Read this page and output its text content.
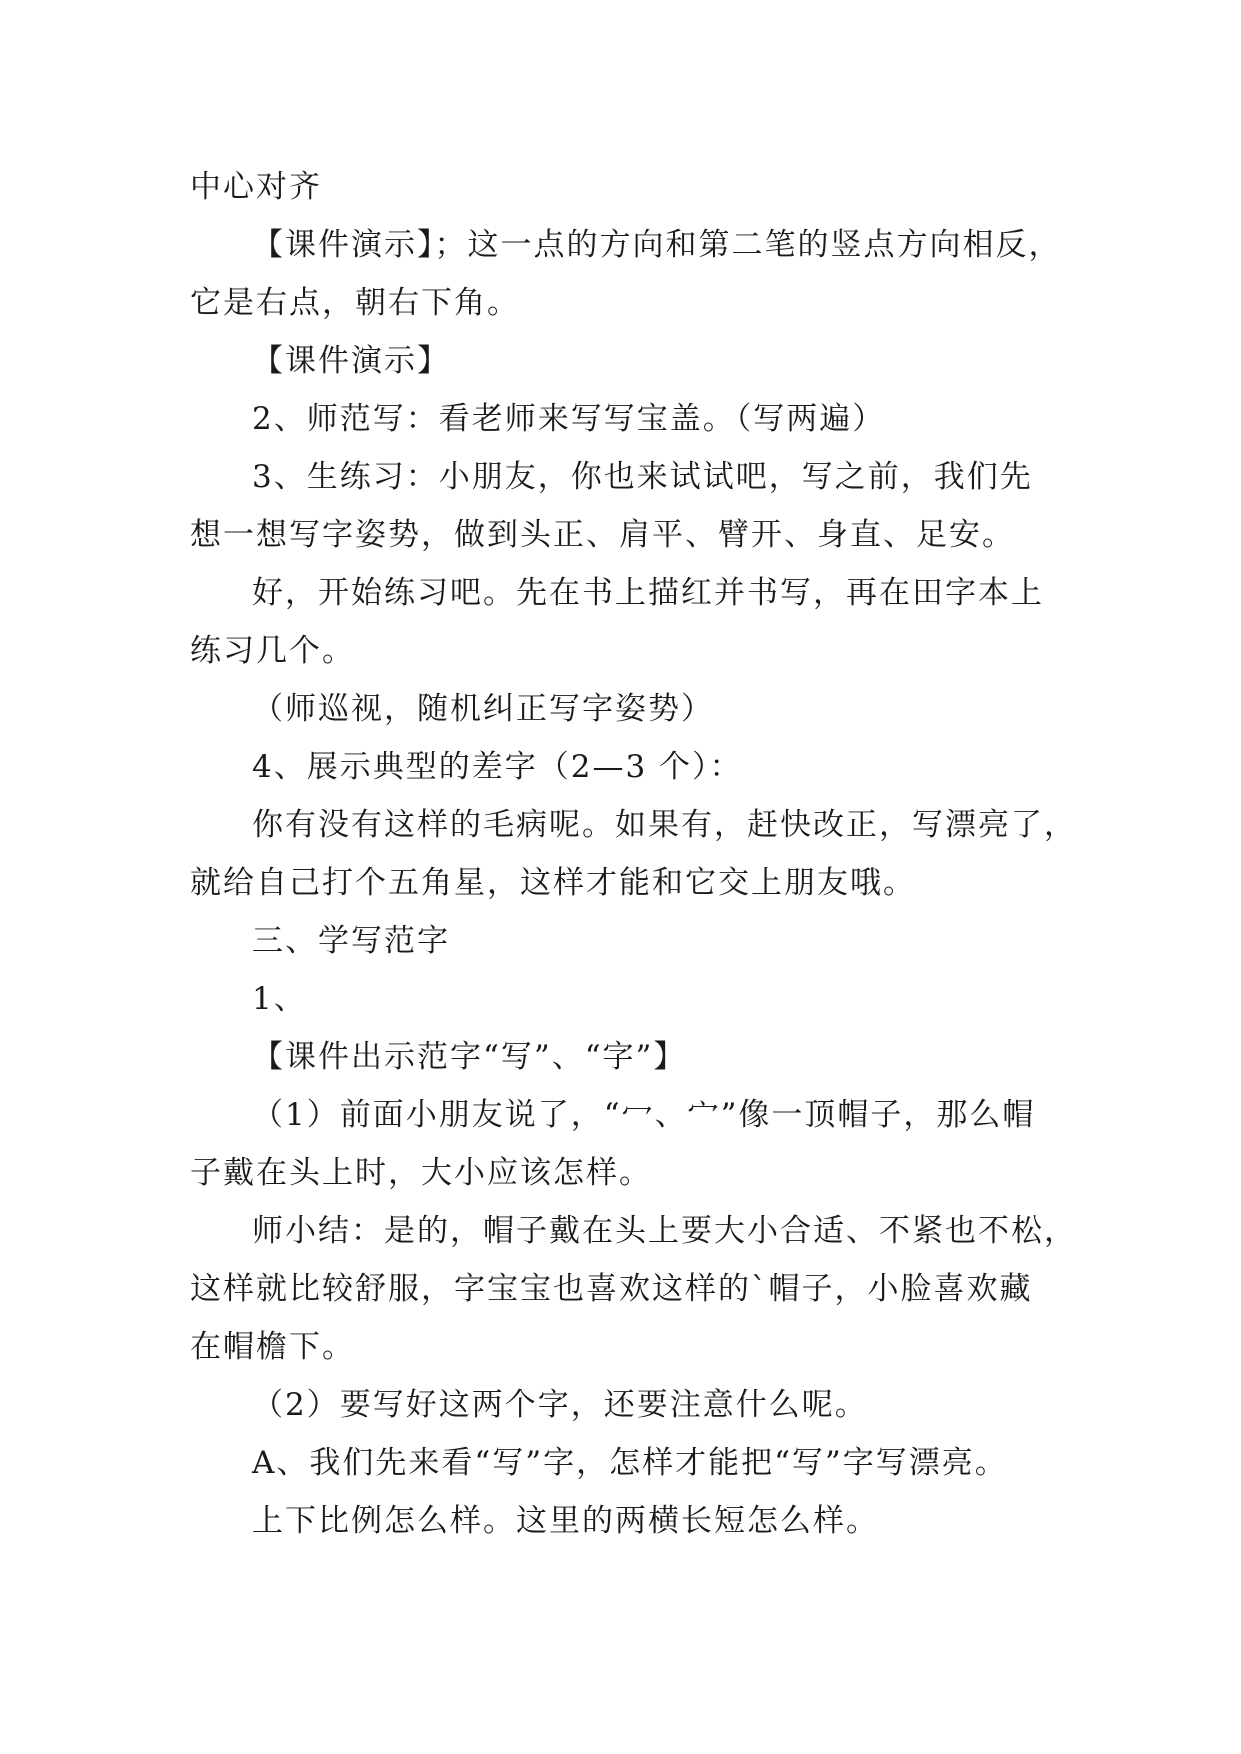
中心对齐
【课件演示】；这一点的方向和第二笔的竖点方向相反，
它是右点，朝右下角。
【课件演示】
2、师范写：看老师来写写宝盖。（写两遍）
3、生练习：小朋友，你也来试试吧，写之前，我们先
想一想写字姿势，做到头正、肩平、臂开、身直、足安。
好，开始练习吧。先在书上描红并书写，再在田字本上
练习几个。
（师巡视，随机纠正写字姿势）
4、展示典型的差字（2—3 个）：
你有没有这样的毛病呢。如果有，赶快改正，写漂亮了，
就给自己打个五角星，这样才能和它交上朋友哦。
三、学写范字
1、
【课件出示范字“写”、“字”】
（1）前面小朋友说了，“冖、宀”像一顶帽子，那么帽
子戴在头上时，大小应该怎样。
师小结：是的，帽子戴在头上要大小合适、不紧也不松，
这样就比较舒服，字宝宝也喜欢这样的`帽子，小脸喜欢藏
在帽檐下。
（2）要写好这两个字，还要注意什么呢。
A、我们先来看“写”字，怎样才能把“写”字写漂亮。
上下比例怎么样。这里的两横长短怎么样。
